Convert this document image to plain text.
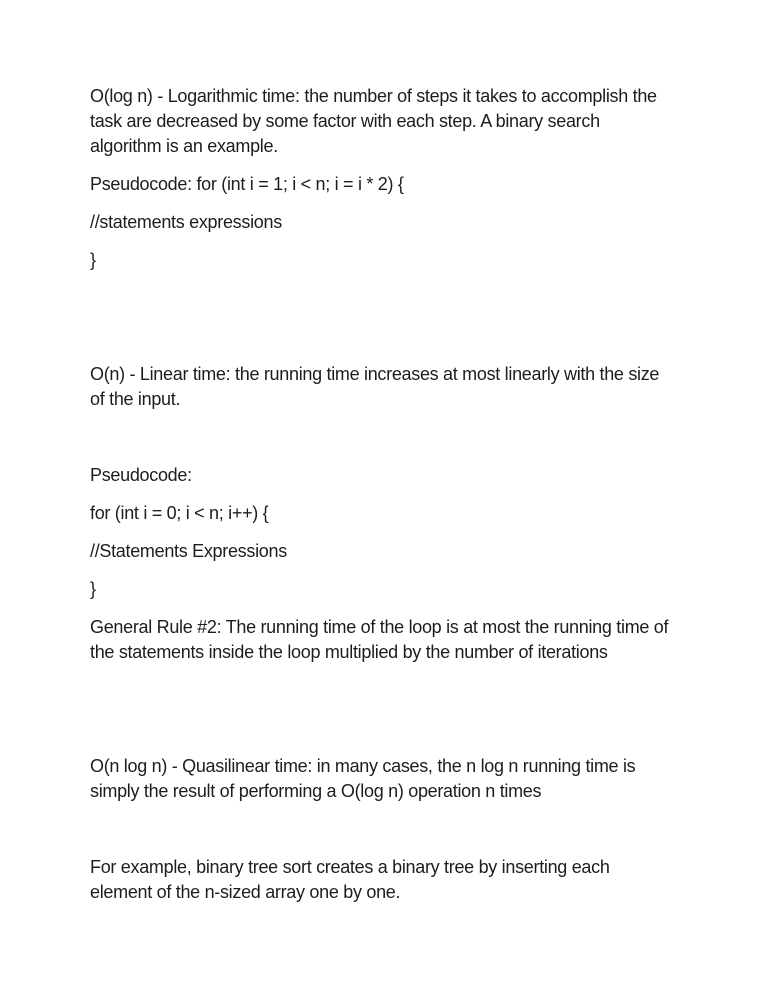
O(log n) - Logarithmic time: the number of steps it takes to accomplish the
task are decreased by some factor with each step. A binary search
algorithm is an example.

Pseudocode: for (int i = 1; i < n; i = i * 2) {

//statements expressions

}

O(n) - Linear time: the running time increases at most linearly with the size
of the input.

Pseudocode:

for (int i = 0; i < n; i++) {

//Statements Expressions

}

General Rule #2: The running time of the loop is at most the running time of
the statements inside the loop multiplied by the number of iterations

O(n log n) - Quasilinear time: in many cases, the n log n running time is
simply the result of performing a O(log n) operation n times

For example, binary tree sort creates a binary tree by inserting each
element of the n-sized array one by one.
